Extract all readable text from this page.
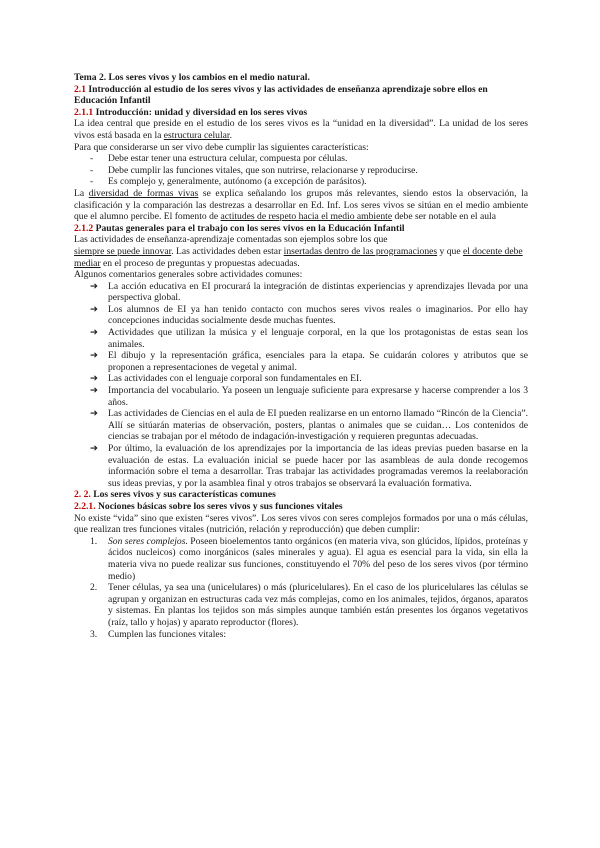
Tema 2. Los seres vivos y los cambios en el medio natural.

2.1 Introducción al estudio de los seres vivos y las actividades de enseñanza aprendizaje sobre ellos en Educación Infantil

2.1.1 Introducción: unidad y diversidad en los seres vivos

La idea central que preside en el estudio de los seres vivos es la “unidad en la diversidad”. La unidad de los seres vivos está basada en la estructura celular.

Para que considerarse un ser vivo debe cumplir las siguientes características:

- Debe estar tener una estructura celular, compuesta por células.
- Debe cumplir las funciones vitales, que son nutrirse, relacionarse y reproducirse.
- Es complejo y, generalmente, autónomo (a excepción de parásitos).

La diversidad de formas vivas se explica señalando los grupos más relevantes, siendo estos la observación, la clasificación y la comparación las destrezas a desarrollar en Ed. Inf. Los seres vivos se sitúan en el medio ambiente que el alumno percibe. El fomento de actitudes de respeto hacia el medio ambiente debe ser notable en el aula

2.1.2 Pautas generales para el trabajo con los seres vivos en la Educación Infantil

Las actividades de enseñanza-aprendizaje comentadas son ejemplos sobre los que
siempre se puede innovar. Las actividades deben estar insertadas dentro de las programaciones y que el docente debe mediar en el proceso de preguntas y propuestas adecuadas.

Algunos comentarios generales sobre actividades comunes:

➔ La acción educativa en EI procurará la integración de distintas experiencias y aprendizajes llevada por una perspectiva global.
➔ Los alumnos de EI ya han tenido contacto con muchos seres vivos reales o imaginarios. Por ello hay concepciones inducidas socialmente desde muchas fuentes.
➔ Actividades que utilizan la música y el lenguaje corporal, en la que los protagonistas de estas sean los animales.
➔ El dibujo y la representación gráfica, esenciales para la etapa. Se cuidarán colores y atributos que se proponen a representaciones de vegetal y animal.
➔ Las actividades con el lenguaje corporal son fundamentales en EI.
➔ Importancia del vocabulario. Ya poseen un lenguaje suficiente para expresarse y hacerse comprender a los 3 años.
➔ Las actividades de Ciencias en el aula de EI pueden realizarse en un entorno llamado “Rincón de la Ciencia”. Allí se sitúarán materias de observación, posters, plantas o animales que se cuidan… Los contenidos de ciencias se trabajan por el método de indagación-investigación y requieren preguntas adecuadas.
➔ Por último, la evaluación de los aprendizajes por la importancia de las ideas previas pueden basarse en la evaluación de estas. La evaluación inicial se puede hacer por las asambleas de aula donde recogemos información sobre el tema a desarrollar. Tras trabajar las actividades programadas veremos la reelaboración sus ideas previas, y por la asamblea final y otros trabajos se observará la evaluación formativa.

2. 2. Los seres vivos y sus características comunes

2.2.1. Nociones básicas sobre los seres vivos y sus funciones vitales

No existe “vida” sino que existen “seres vivos”. Los seres vivos con seres complejos formados por una o más células, que realizan tres funciones vitales (nutrición, relación y reproducción) que deben cumplir:

1. Son seres complejos. Poseen bioelementos tanto orgánicos (en materia viva, son glúcidos, lípidos, proteínas y ácidos nucleicos) como inorgánicos (sales minerales y agua). El agua es esencial para la vida, sin ella la materia viva no puede realizar sus funciones, constituyendo el 70% del peso de los seres vivos (por término medio)
2. Tener células, ya sea una (unicelulares) o más (pluricelulares). En el caso de los pluricelulares las células se agrupan y organizan en estructuras cada vez más complejas, como en los animales, tejidos, órganos, aparatos y sistemas. En plantas los tejidos son más simples aunque también están presentes los órganos vegetativos (raíz, tallo y hojas) y aparato reproductor (flores).
3. Cumplen las funciones vitales:
